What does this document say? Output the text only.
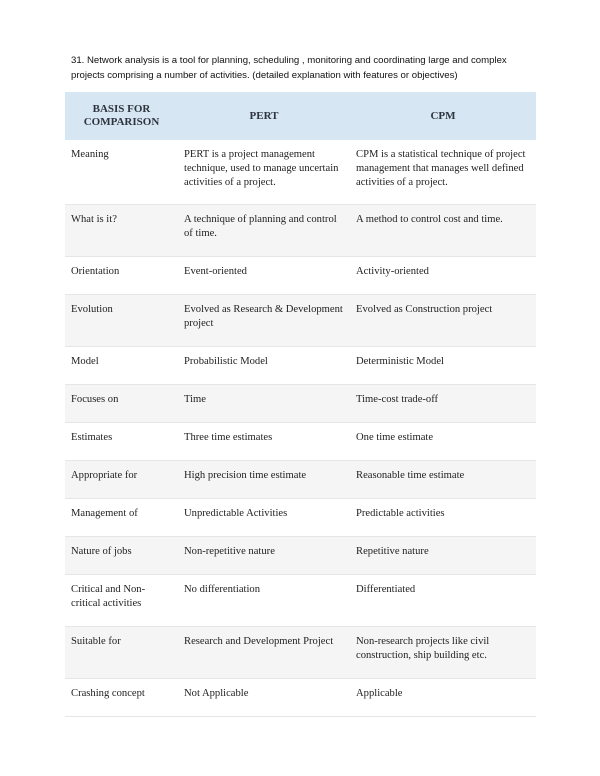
31. Network analysis is a tool for planning, scheduling , monitoring and coordinating large and complex
projects comprising a number of activities. (detailed explanation with features or objectives)
BASIS FOR COMPARISON	PERT	CPM
Meaning	PERT is a project management technique, used to manage uncertain activities of a project.	CPM is a statistical technique of project management that manages well defined activities of a project.
What is it?	A technique of planning and control of time.	A method to control cost and time.
Orientation	Event-oriented	Activity-oriented
Evolution	Evolved as Research & Development project	Evolved as Construction project
Model	Probabilistic Model	Deterministic Model
Focuses on	Time	Time-cost trade-off
Estimates	Three time estimates	One time estimate
Appropriate for	High precision time estimate	Reasonable time estimate
Management of	Unpredictable Activities	Predictable activities
Nature of jobs	Non-repetitive nature	Repetitive nature
Critical and Non-critical activities	No differentiation	Differentiated
Suitable for	Research and Development Project	Non-research projects like civil construction, ship building etc.
Crashing concept	Not Applicable	Applicable
